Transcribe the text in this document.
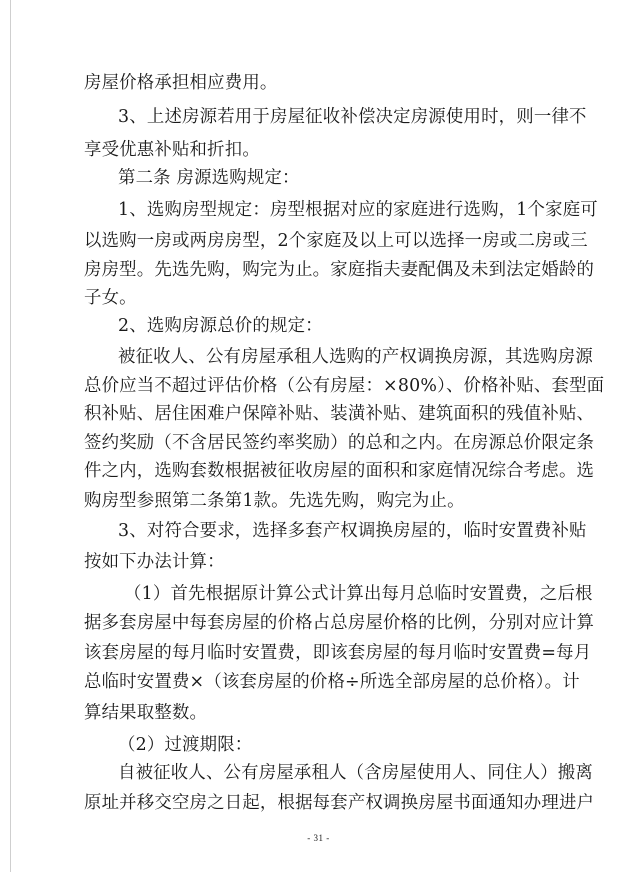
房屋价格承担相应费用。
3、上述房源若用于房屋征收补偿决定房源使用时，则一律不
享受优惠补贴和折扣。
第二条 房源选购规定：
1、选购房型规定：房型根据对应的家庭进行选购，1个家庭可
以选购一房或两房房型，2个家庭及以上可以选择一房或二房或三
房房型。先选先购，购完为止。家庭指夫妻配偶及未到法定婚龄的
子女。
2、选购房源总价的规定：
被征收人、公有房屋承租人选购的产权调换房源，其选购房源
总价应当不超过评估价格（公有房屋：×80%）、价格补贴、套型面
积补贴、居住困难户保障补贴、装潢补贴、建筑面积的残值补贴、
签约奖励（不含居民签约率奖励）的总和之内。在房源总价限定条
件之内，选购套数根据被征收房屋的面积和家庭情况综合考虑。选
购房型参照第二条第1款。先选先购，购完为止。
3、对符合要求，选择多套产权调换房屋的，临时安置费补贴
按如下办法计算：
（1）首先根据原计算公式计算出每月总临时安置费，之后根
据多套房屋中每套房屋的价格占总房屋价格的比例，分别对应计算
该套房屋的每月临时安置费，即该套房屋的每月临时安置费=每月
总临时安置费×（该套房屋的价格÷所选全部房屋的总价格）。计
算结果取整数。
（2）过渡期限：
自被征收人、公有房屋承租人（含房屋使用人、同住人）搬离
原址并移交空房之日起，根据每套产权调换房屋书面通知办理进户
- 31 -
